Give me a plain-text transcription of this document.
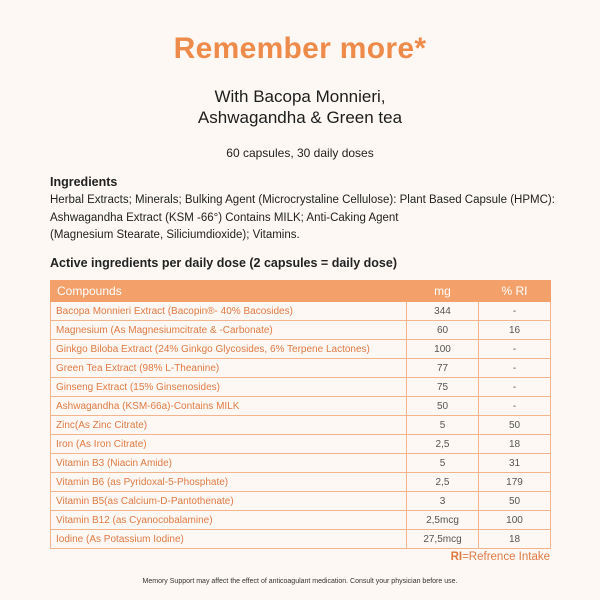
Remember more*
With Bacopa Monnieri,
Ashwagandha & Green tea
60 capsules, 30 daily doses
Ingredients
Herbal Extracts; Minerals; Bulking Agent (Microcrystaline Cellulose): Plant Based Capsule (HPMC):
Ashwagandha Extract (KSM -66°) Contains MILK; Anti-Caking Agent
(Magnesium Stearate, Siliciumdioxide); Vitamins.
Active ingredients per daily dose (2 capsules = daily dose)
Compounds	mg	% RI
Bacopa Monnieri Extract (Bacopin®- 40% Bacosides)	344	-
Magnesium (As Magnesiumcitrate & -Carbonate)	60	16
Ginkgo Biloba Extract (24% Ginkgo Glycosides, 6% Terpene Lactones)	100	-
Green Tea Extract (98% L-Theanine)	77	-
Ginseng Extract (15% Ginsenosides)	75	-
Ashwagandha (KSM-66a)-Contains MILK	50	-
Zinc(As Zinc Citrate)	5	50
Iron (As Iron Citrate)	2,5	18
Vitamin B3 (Niacin Amide)	5	31
Vitamin B6 (as Pyridoxal-5-Phosphate)	2,5	179
Vitamin B5(as Calcium-D-Pantothenate)	3	50
Vitamin B12 (as Cyanocobalamine)	2,5mcg	100
Iodine (As Potassium Iodine)	27,5mcg	18
RI=Refrence Intake
Memory Support may affect the effect of anticoagulant medication. Consult your physician before use.
